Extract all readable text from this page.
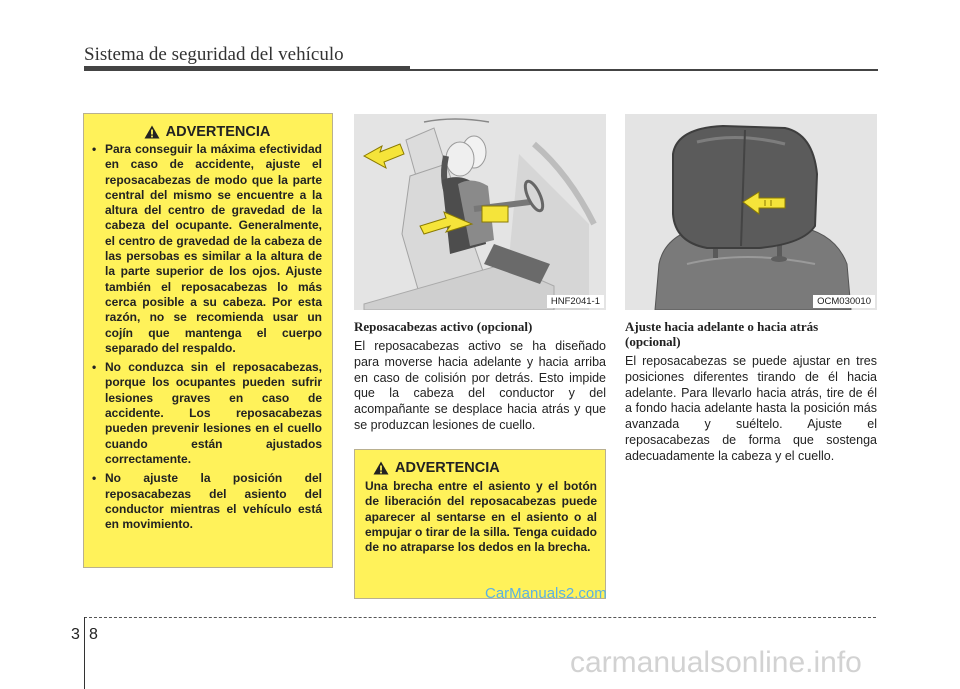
Sistema de seguridad del vehículo
ADVERTENCIA
• Para conseguir la máxima efectividad en caso de accidente, ajuste el reposacabezas de modo que la parte central del mismo se encuentre a la altura del centro de gravedad de la cabeza del ocupante. Generalmente, el centro de gravedad de la cabeza de las persobas es similar a la altura de la parte superior de los ojos. Ajuste también el reposacabezas lo más cerca posible a su cabeza. Por esta razón, no se recomienda usar un cojín que mantenga el cuerpo separado del respaldo.
• No conduzca sin el reposacabezas, porque los ocupantes pueden sufrir lesiones graves en caso de accidente. Los reposacabezas pueden prevenir lesiones en el cuello cuando están ajustados correctamente.
• No ajuste la posición del reposacabezas del asiento del conductor mientras el vehículo está en movimiento.
HNF2041-1	OCM030010
Reposacabezas activo (opcional)

El reposacabezas activo se ha diseñado para moverse hacia adelante y hacia arriba en caso de colisión por detrás. Esto impide que la cabeza del conductor y del acompañante se desplace hacia atrás y que se produzcan lesiones de cuello.

ADVERTENCIA
Una brecha entre el asiento y el botón de liberación del reposacabezas puede aparecer al sentarse en el asiento o al empujar o tirar de la silla. Tenga cuidado de no atraparse los dedos en la brecha.
Ajuste hacia adelante o hacia atrás (opcional)

El reposacabezas se puede ajustar en tres posiciones diferentes tirando de él hacia adelante. Para llevarlo hacia atrás, tire de él a fondo hacia adelante hasta la posición más avanzada y suéltelo. Ajuste el reposacabezas de forma que sostenga adecuadamente la cabeza y el cuello.

CarManuals2.com
3 8
carmanualsonline.info
